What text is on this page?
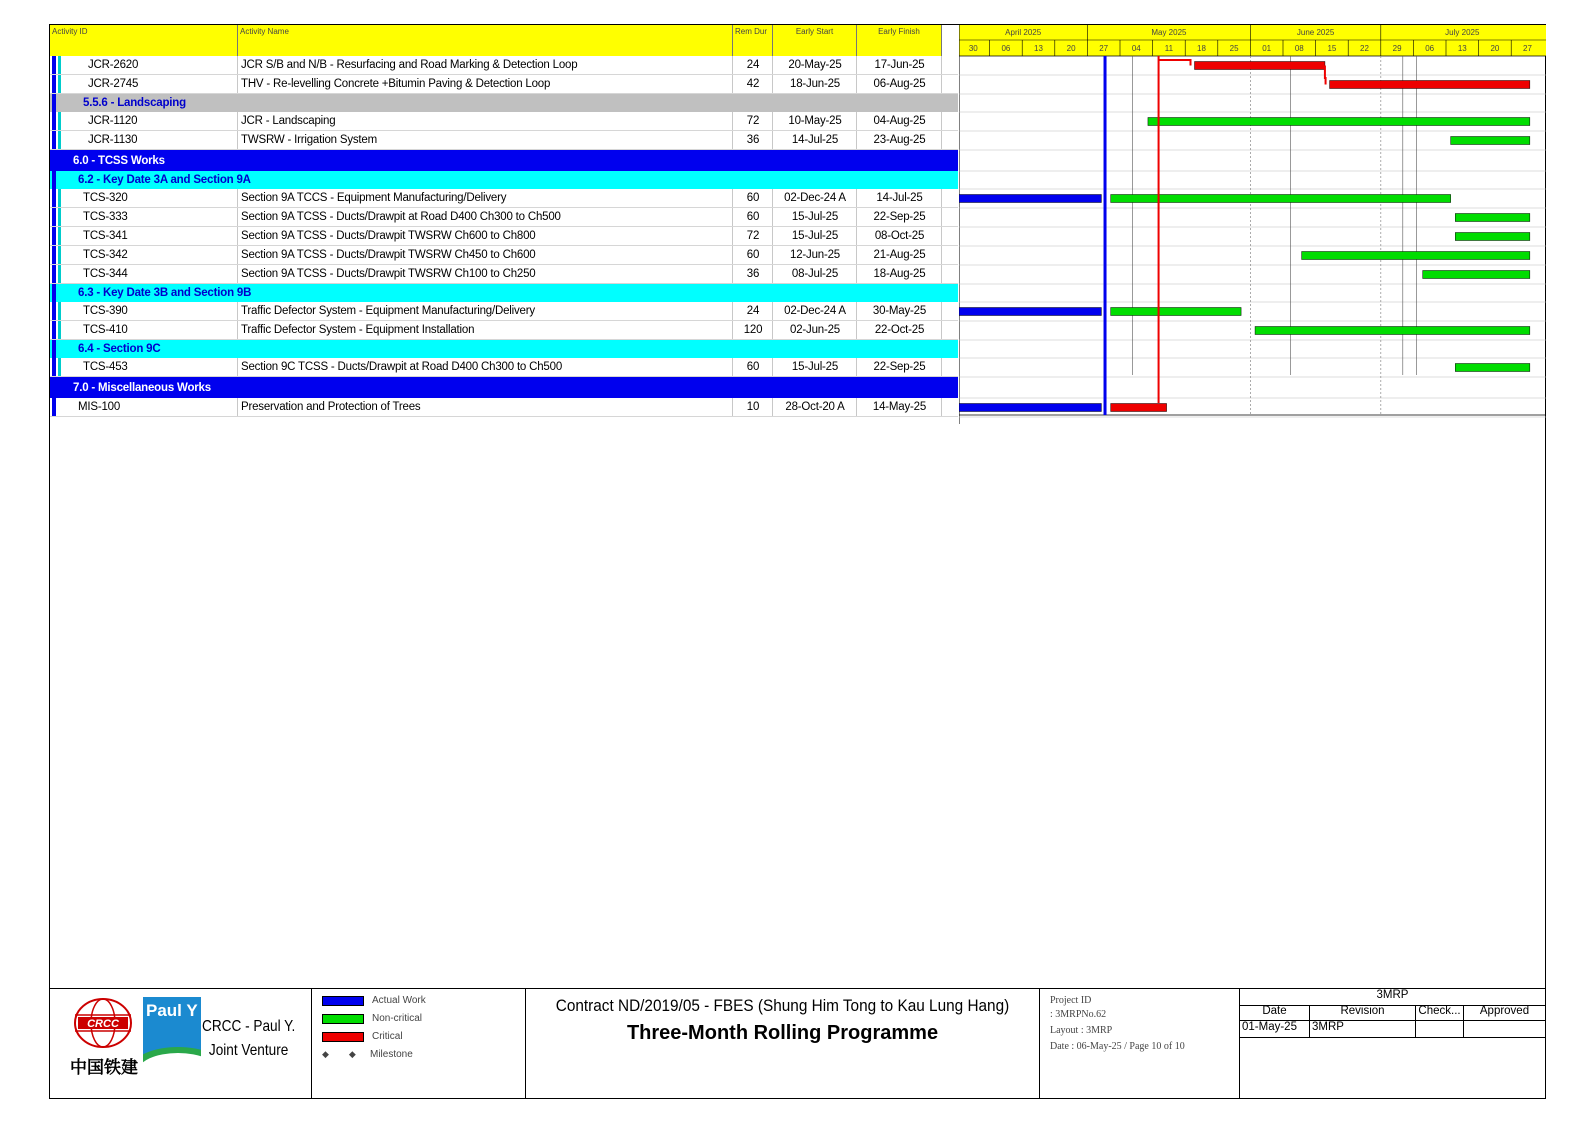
Activity ID	Activity Name	Rem Dur	Early Start	Early Finish
JCR-2620	JCR S/B and N/B - Resurfacing and Road Marking & Detection Loop	24	20-May-25	17-Jun-25
JCR-2745	THV - Re-levelling Concrete +Bitumin Paving & Detection Loop	42	18-Jun-25	06-Aug-25
5.5.6 - Landscaping
JCR-1120	JCR - Landscaping	72	10-May-25	04-Aug-25
JCR-1130	TWSRW - Irrigation System	36	14-Jul-25	23-Aug-25
6.0 - TCSS Works
6.2 - Key Date 3A and Section 9A
TCS-320	Section 9A TCCS - Equipment Manufacturing/Delivery	60	02-Dec-24 A	14-Jul-25
TCS-333	Section 9A TCSS - Ducts/Drawpit at Road D400 Ch300 to Ch500	60	15-Jul-25	22-Sep-25
TCS-341	Section 9A TCSS - Ducts/Drawpit TWSRW Ch600 to Ch800	72	15-Jul-25	08-Oct-25
TCS-342	Section 9A TCSS - Ducts/Drawpit TWSRW Ch450 to Ch600	60	12-Jun-25	21-Aug-25
TCS-344	Section 9A TCSS - Ducts/Drawpit TWSRW Ch100 to Ch250	36	08-Jul-25	18-Aug-25
6.3 - Key Date 3B and Section 9B
TCS-390	Traffic Defector System - Equipment Manufacturing/Delivery	24	02-Dec-24 A	30-May-25
TCS-410	Traffic Defector System - Equipment Installation	120	02-Jun-25	22-Oct-25
6.4 - Section 9C
TCS-453	Section 9C TCSS - Ducts/Drawpit at Road D400 Ch300 to Ch500	60	15-Jul-25	22-Sep-25
7.0 - Miscellaneous Works
MIS-100	Preservation and Protection of Trees	10	28-Oct-20 A	14-May-25
April 2025	May 2025	June 2025	July 2025
30	06	13	20	27	04	11	18	25	01	08	15	22	29	06	13	20	27
CRCC
中国铁建
Paul Y
CRCC - Paul Y.
Joint Venture
Actual Work
Non-critical
Critical
◆        ◆	Milestone
Contract ND/2019/05 - FBES (Shung Him Tong to Kau Lung Hang)
Three-Month Rolling Programme
Project ID
: 3MRPNo.62
Layout : 3MRP
Date : 06-May-25 / Page 10 of 10
3MRP
Date	Revision	Check...	Approved
01-May-25	3MRP
